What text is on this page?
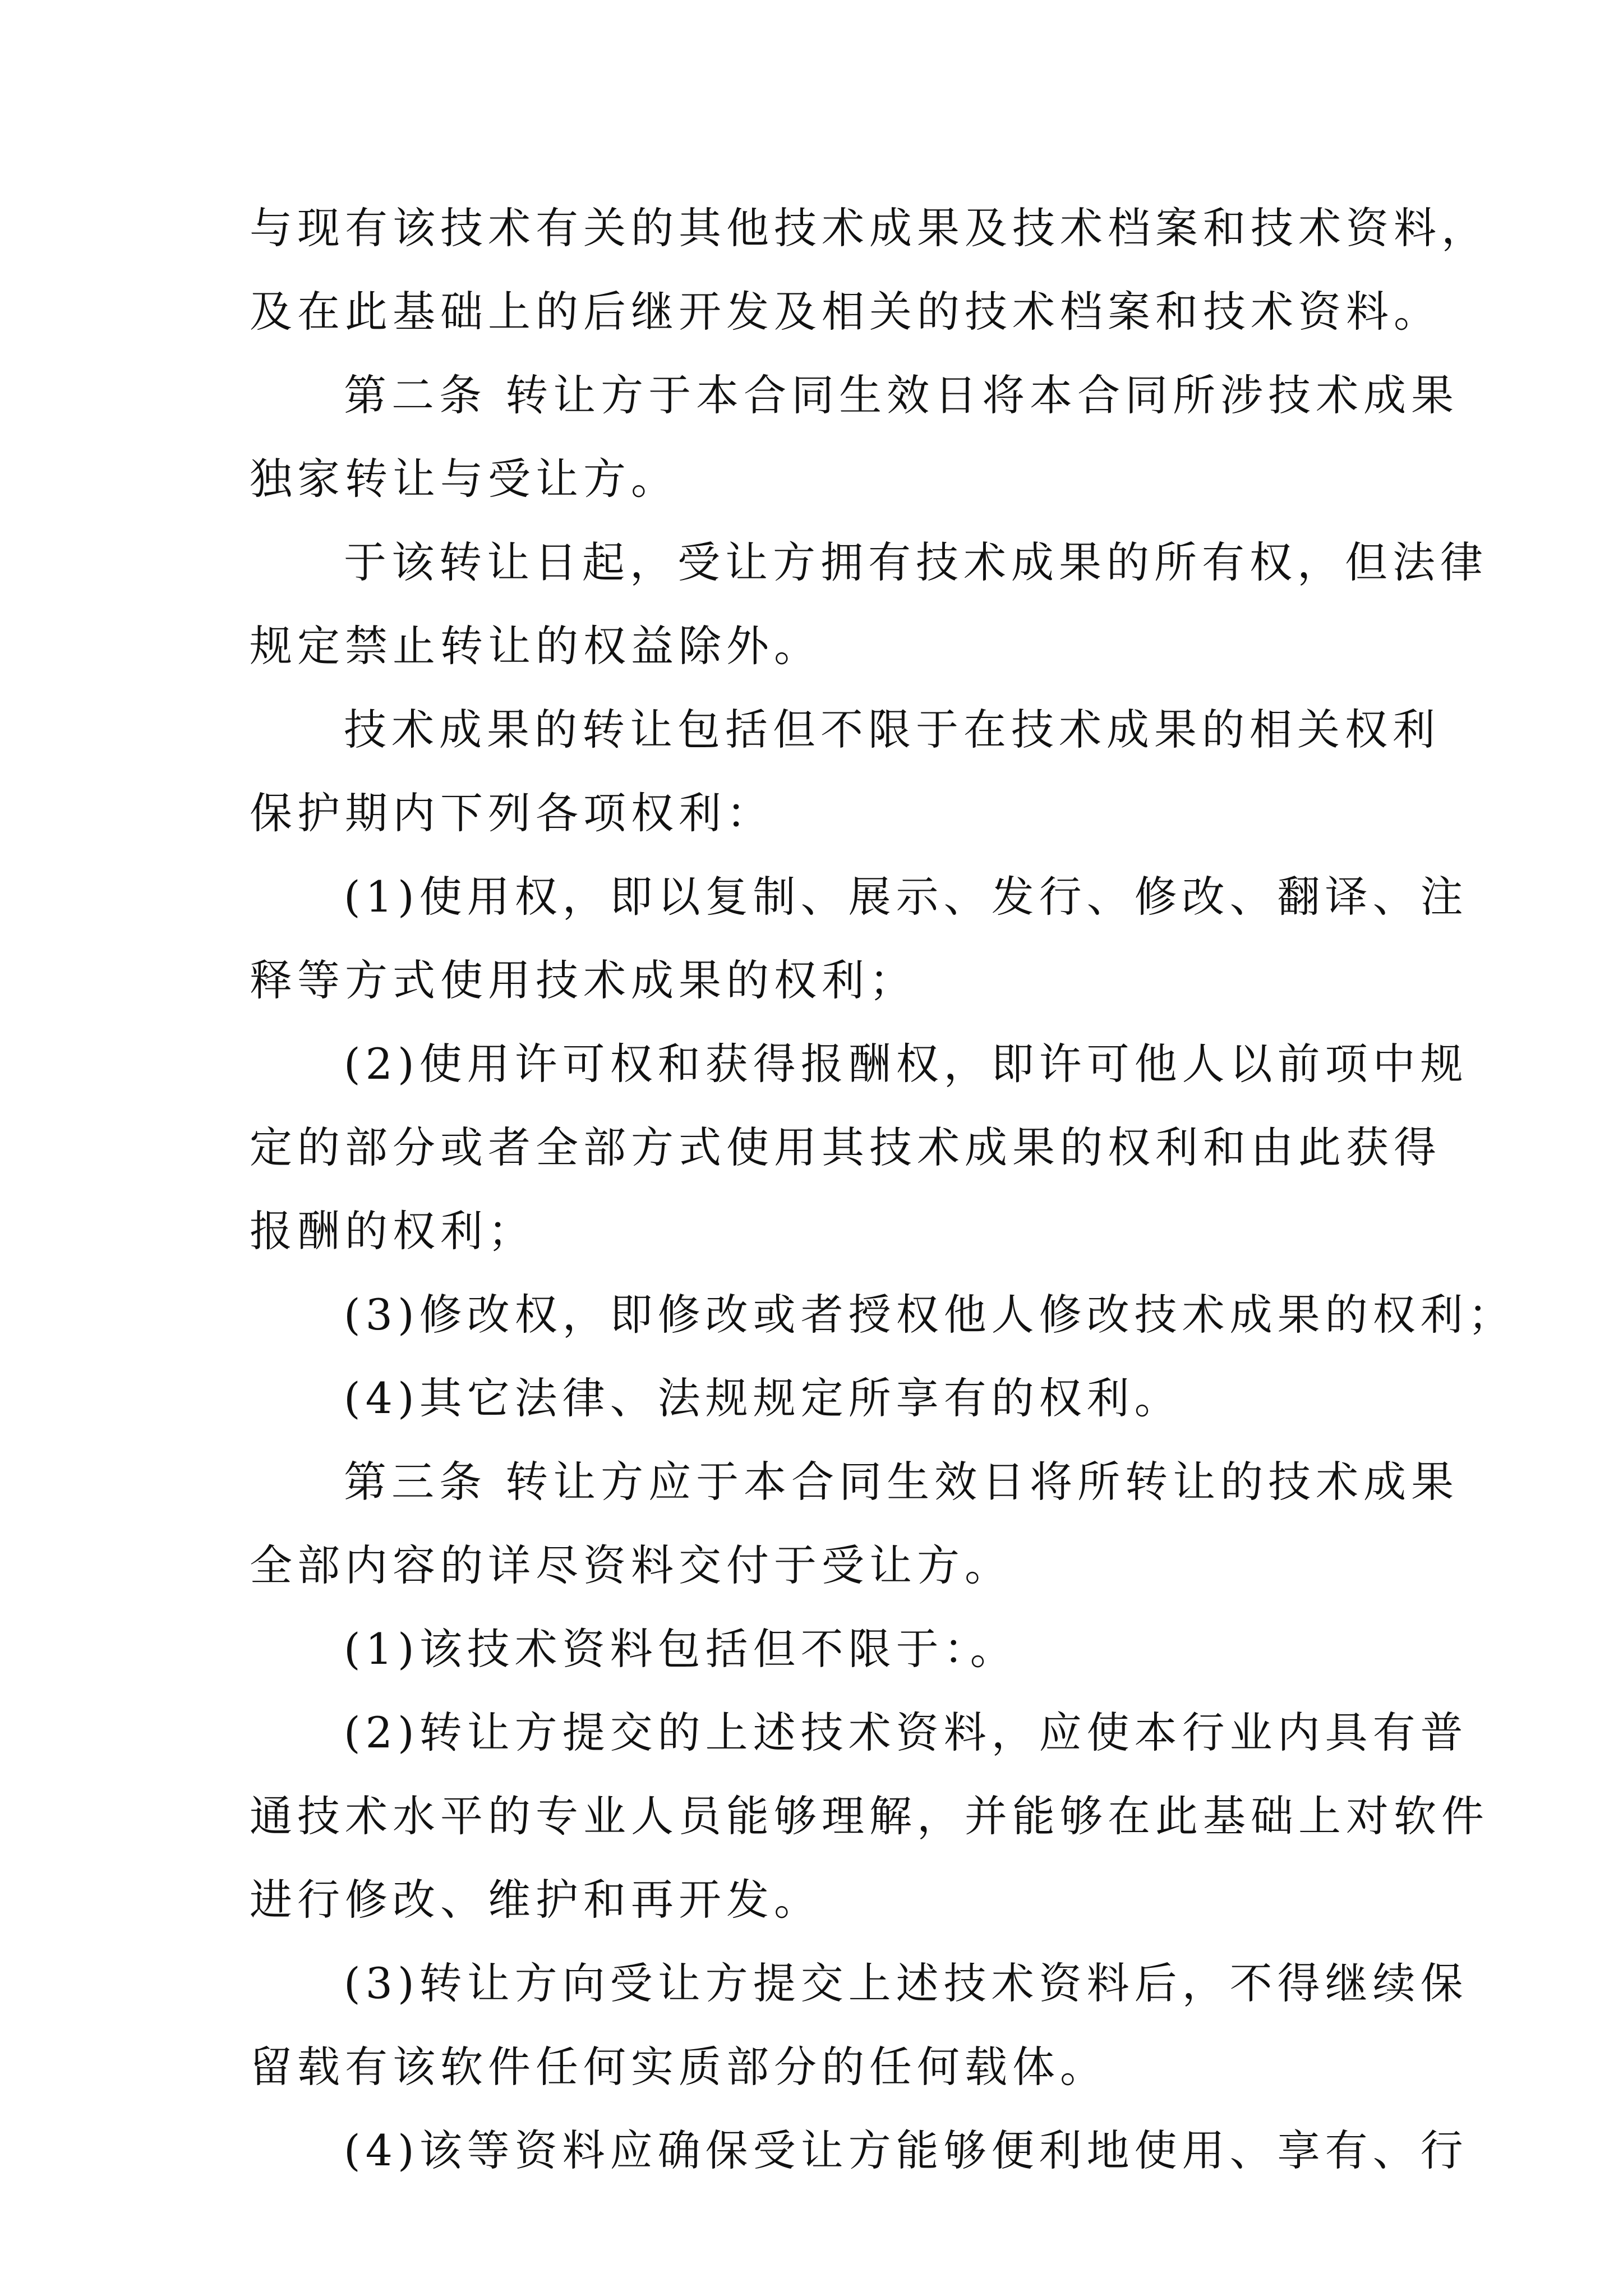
与现有该技术有关的其他技术成果及技术档案和技术资料，
及在此基础上的后继开发及相关的技术档案和技术资料。
第二条 转让方于本合同生效日将本合同所涉技术成果
独家转让与受让方。
于该转让日起，受让方拥有技术成果的所有权，但法律
规定禁止转让的权益除外。
技术成果的转让包括但不限于在技术成果的相关权利
保护期内下列各项权利：
(1)使用权，即以复制、展示、发行、修改、翻译、注
释等方式使用技术成果的权利；
(2)使用许可权和获得报酬权，即许可他人以前项中规
定的部分或者全部方式使用其技术成果的权利和由此获得
报酬的权利；
(3)修改权，即修改或者授权他人修改技术成果的权利；
(4)其它法律、法规规定所享有的权利。
第三条 转让方应于本合同生效日将所转让的技术成果
全部内容的详尽资料交付于受让方。
(1)该技术资料包括但不限于：。
(2)转让方提交的上述技术资料，应使本行业内具有普
通技术水平的专业人员能够理解，并能够在此基础上对软件
进行修改、维护和再开发。
(3)转让方向受让方提交上述技术资料后，不得继续保
留载有该软件任何实质部分的任何载体。
(4)该等资料应确保受让方能够便利地使用、享有、行
